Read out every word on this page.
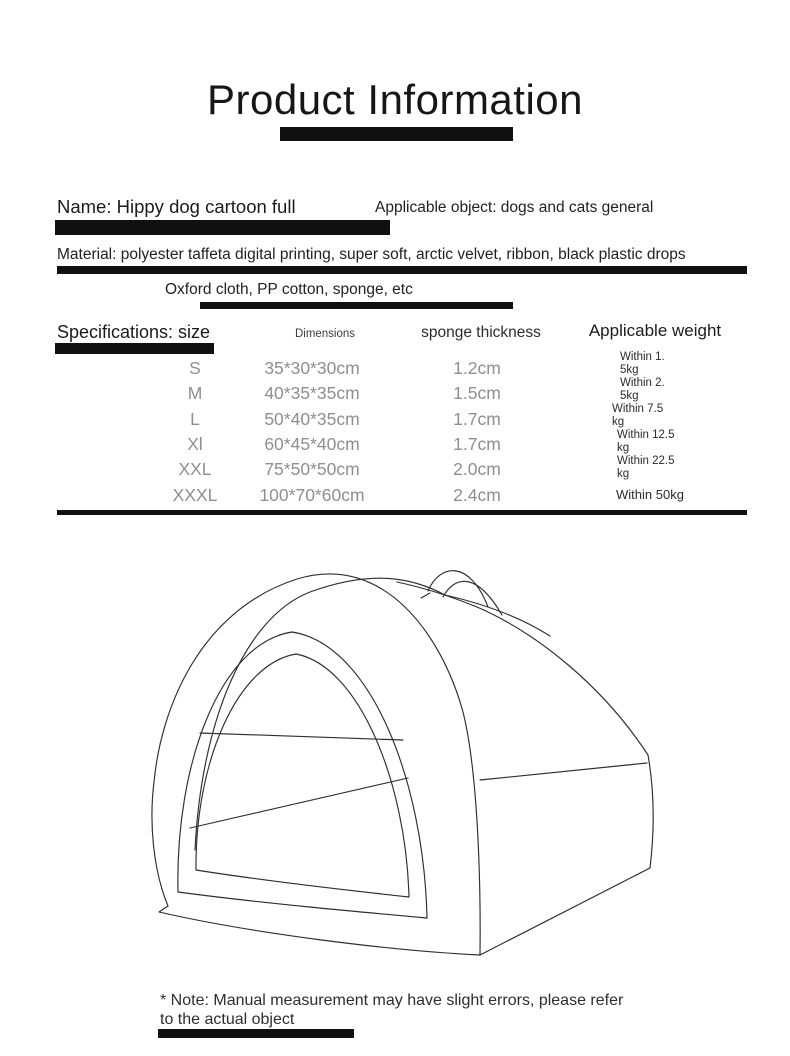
Product Information
Name: Hippy dog cartoon full	Applicable object: dogs and cats general
Material: polyester taffeta digital printing, super soft, arctic velvet, ribbon, black plastic drops
Oxford cloth, PP cotton, sponge, etc
Specifications: size	Dimensions	sponge thickness	Applicable weight
S	35*30*30cm	1.2cm
Within 1.
5kg
M	40*35*35cm	1.5cm	Within 2.
5kg
L	50*40*35cm	1.7cm	Within 7.5
kg
Xl	60*45*40cm	1.7cm	Within 12.5
kg
XXL	75*50*50cm	2.0cm	Within 22.5
kg
XXXL	100*70*60cm	2.4cm	Within 50kg
* Note: Manual measurement may have slight errors, please refer
to the actual object
